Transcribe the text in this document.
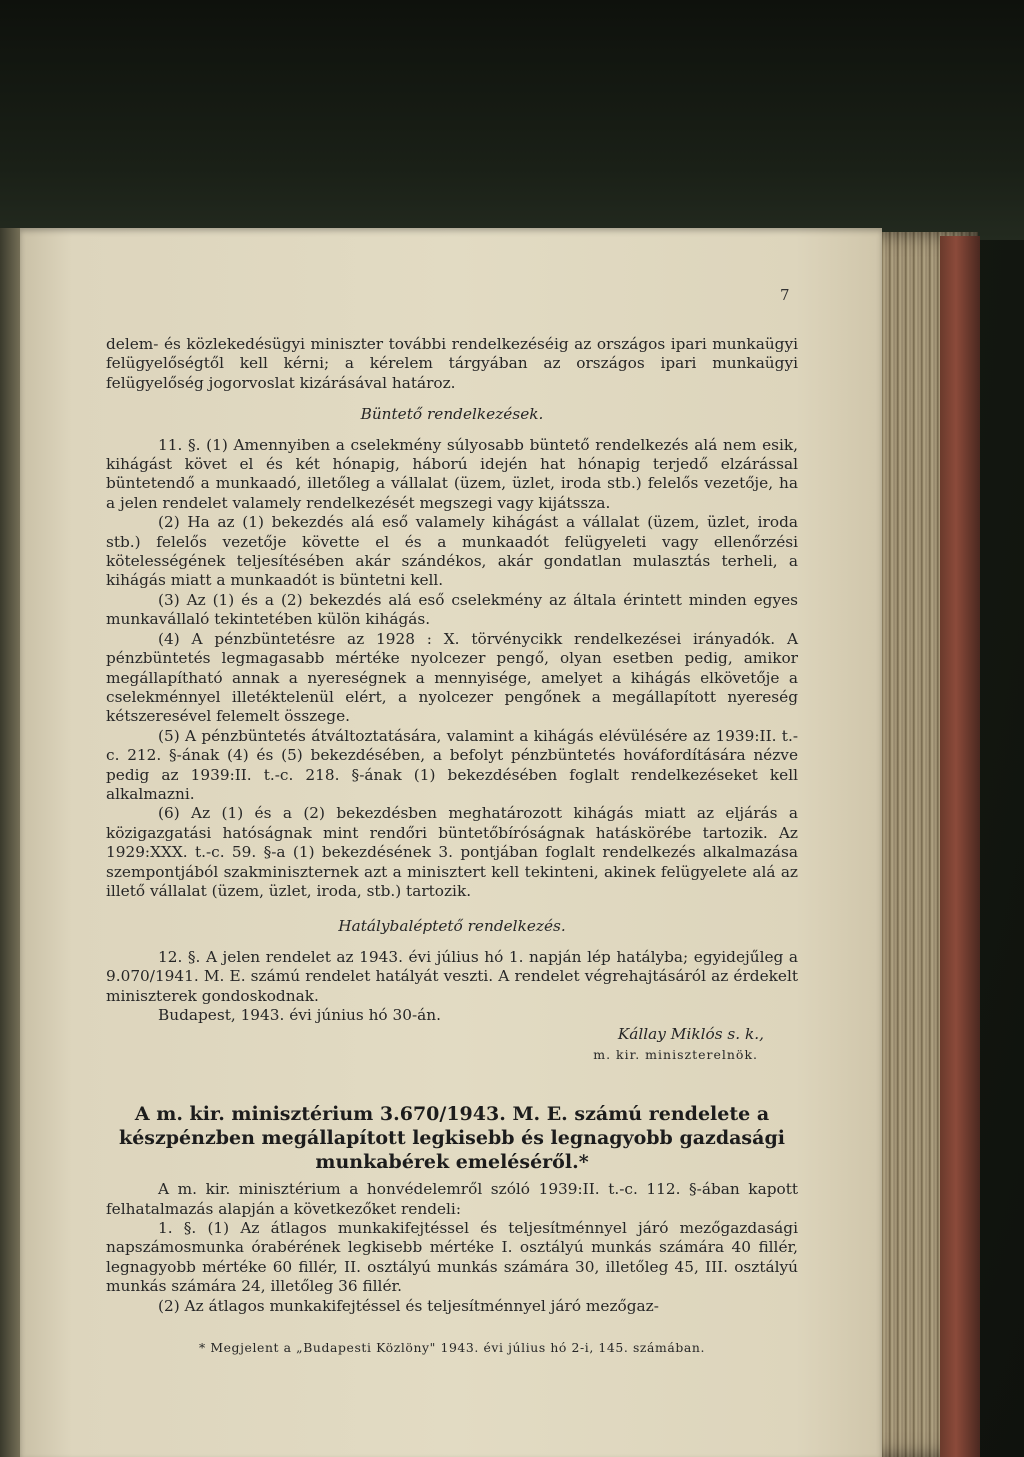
7

delem- és közlekedésügyi miniszter további rendelkezéséig az országos ipari munkaügyi felügyelőségtől kell kérni; a kérelem tárgyában az országos ipari munkaügyi felügyelőség jogorvoslat kizárásával határoz.

Büntető rendelkezések.

11. §. (1) Amennyiben a cselekmény súlyosabb büntető rendelkezés alá nem esik, kihágást követ el és két hónapig, háború idején hat hónapig terjedő elzárással büntetendő a munkaadó, illetőleg a vállalat (üzem, üzlet, iroda stb.) felelős vezetője, ha a jelen rendelet valamely rendelkezését megszegi vagy kijátssza.

(2) Ha az (1) bekezdés alá eső valamely kihágást a vállalat (üzem, üzlet, iroda stb.) felelős vezetője követte el és a munkaadót felügyeleti vagy ellenőrzési kötelességének teljesítésében akár szándékos, akár gondatlan mulasztás terheli, a kihágás miatt a munkaadót is büntetni kell.

(3) Az (1) és a (2) bekezdés alá eső cselekmény az általa érintett minden egyes munkavállaló tekintetében külön kihágás.

(4) A pénzbüntetésre az 1928 : X. törvénycikk rendelkezései irányadók. A pénzbüntetés legmagasabb mértéke nyolcezer pengő, olyan esetben pedig, amikor megállapítható annak a nyereségnek a mennyisége, amelyet a kihágás elkövetője a cselekménnyel illetéktelenül elért, a nyolcezer pengőnek a megállapított nyereség kétszeresével felemelt összege.

(5) A pénzbüntetés átváltoztatására, valamint a kihágás elévülésére az 1939:II. t.-c. 212. §-ának (4) és (5) bekezdésében, a befolyt pénzbüntetés hováfordítására nézve pedig az 1939:II. t.-c. 218. §-ának (1) bekezdésében foglalt rendelkezéseket kell alkalmazni.

(6) Az (1) és a (2) bekezdésben meghatározott kihágás miatt az eljárás a közigazgatási hatóságnak mint rendőri büntetőbíróságnak hatáskörébe tartozik. Az 1929:XXX. t.-c. 59. §-a (1) bekezdésének 3. pontjában foglalt rendelkezés alkalmazása szempontjából szakminiszternek azt a minisztert kell tekinteni, akinek felügyelete alá az illető vállalat (üzem, üzlet, iroda, stb.) tartozik.

Hatálybaléptető rendelkezés.

12. §. A jelen rendelet az 1943. évi július hó 1. napján lép hatályba; egyidejűleg a 9.070/1941. M. E. számú rendelet hatályát veszti. A rendelet végrehajtásáról az érdekelt miniszterek gondoskodnak.

Budapest, 1943. évi június hó 30-án.

Kállay Miklós s. k.,
m. kir. miniszterelnök.
A m. kir. minisztérium 3.670/1943. M. E. számú rendelete a készpénzben megállapított legkisebb és legnagyobb gazdasági munkabérek emeléséről.*

A m. kir. minisztérium a honvédelemről szóló 1939:II. t.-c. 112. §-ában kapott felhatalmazás alapján a következőket rendeli:

1. §. (1) Az átlagos munkakifejtéssel és teljesítménnyel járó mezőgazdasági napszámosmunka órabérének legkisebb mértéke I. osztályú munkás számára 40 fillér, legnagyobb mértéke 60 fillér, II. osztályú munkás számára 30, illetőleg 45, III. osztályú munkás számára 24, illetőleg 36 fillér.

(2) Az átlagos munkakifejtéssel és teljesítménnyel járó mezőgaz-

* Megjelent a „Budapesti Közlöny" 1943. évi július hó 2-i, 145. számában.
